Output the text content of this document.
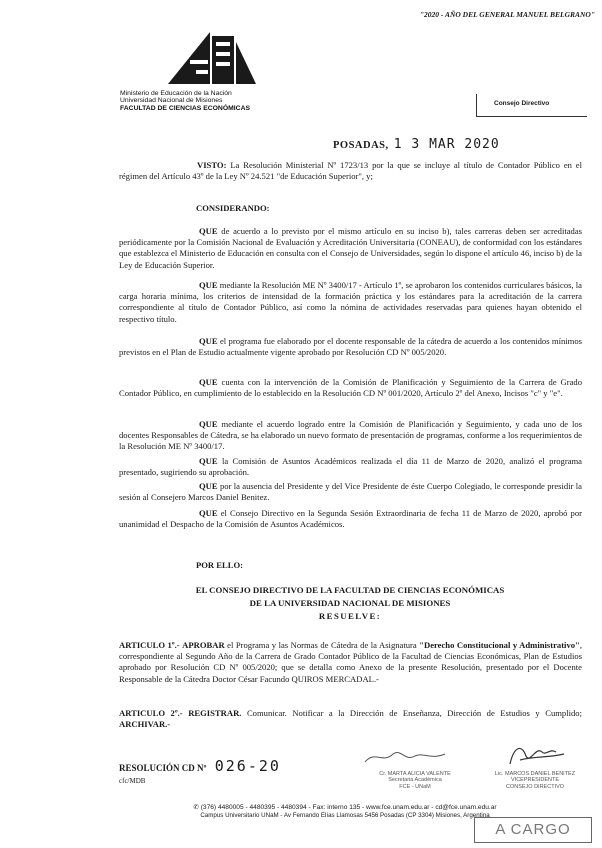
"2020 - AÑO DEL GENERAL MANUEL BELGRANO"
Ministerio de Educación de la Nación
Universidad Nacional de Misiones
FACULTAD DE CIENCIAS ECONÓMICAS
Consejo Directivo
POSADAS, 1 3 MAR 2020
VISTO: La Resolución Ministerial Nº 1723/13 por la que se incluye al título de Contador Público en el régimen del Artículo 43º de la Ley Nº 24.521 "de Educación Superior", y;
CONSIDERANDO:
QUE de acuerdo a lo previsto por el mismo artículo en su inciso b), tales carreras deben ser acreditadas periódicamente por la Comisión Nacional de Evaluación y Acreditación Universitaria (CONEAU), de conformidad con los estándares que establezca el Ministerio de Educación en consulta con el Consejo de Universidades, según lo dispone el artículo 46, inciso b) de la Ley de Educación Superior.
QUE mediante la Resolución ME Nº 3400/17 - Artículo 1º, se aprobaron los contenidos curriculares básicos, la carga horaria mínima, los criterios de intensidad de la formación práctica y los estándares para la acreditación de la carrera correspondiente al título de Contador Público, así como la nómina de actividades reservadas para quienes hayan obtenido el respectivo título.
QUE el programa fue elaborado por el docente responsable de la cátedra de acuerdo a los contenidos mínimos previstos en el Plan de Estudio actualmente vigente aprobado por Resolución CD Nº 005/2020.
QUE cuenta con la intervención de la Comisión de Planificación y Seguimiento de la Carrera de Grado Contador Público, en cumplimiento de lo establecido en la Resolución CD Nº 001/2020, Artículo 2º del Anexo, Incisos "c" y "e".
QUE mediante el acuerdo logrado entre la Comisión de Planificación y Seguimiento, y cada uno de los docentes Responsables de Cátedra, se ha elaborado un nuevo formato de presentación de programas, conforme a los requerimientos de la Resolución ME Nº 3400/17.
QUE la Comisión de Asuntos Académicos realizada el día 11 de Marzo de 2020, analizó el programa presentado, sugiriendo su aprobación.
QUE por la ausencia del Presidente y del Vice Presidente de éste Cuerpo Colegiado, le corresponde presidir la sesión al Consejero Marcos Daniel Benitez.
QUE el Consejo Directivo en la Segunda Sesión Extraordinaria de fecha 11 de Marzo de 2020, aprobó por unanimidad el Despacho de la Comisión de Asuntos Académicos.
POR ELLO:
EL CONSEJO DIRECTIVO DE LA FACULTAD DE CIENCIAS ECONÓMICAS
DE LA UNIVERSIDAD NACIONAL DE MISIONES
RESUELVE:
ARTICULO 1º.- APROBAR el Programa y las Normas de Cátedra de la Asignatura "Derecho Constitucional y Administrativo", correspondiente al Segundo Año de la Carrera de Grado Contador Público de la Facultad de Ciencias Económicas, Plan de Estudios aprobado por Resolución CD Nº 005/2020; que se detalla como Anexo de la presente Resolución, presentado por el Docente Responsable de la Cátedra Doctor César Facundo QUIROS MERCADAL.-
ARTICULO 2º.- REGISTRAR. Comunicar. Notificar a la Dirección de Enseñanza, Dirección de Estudios y Cumplido; ARCHIVAR.-
RESOLUCIÓN CD Nº 026-20
cfc/MDB
Cr. MARTA ALICIA VALENTE
Secretaria Académica
FCE - UNaM
Lic. MARCOS DANIEL BENITEZ
VICEPRESIDENTE
CONSEJO DIRECTIVO
✆ (376) 4480005 - 4480395 - 4480394 - Fax: interno 135 - www.fce.unam.edu.ar - cd@fce.unam.edu.ar
Campus Universitario UNaM - Av Fernando Elías Llamosas 5456 Posadas (CP 3304) Misiones, Argentina
A CARGO
